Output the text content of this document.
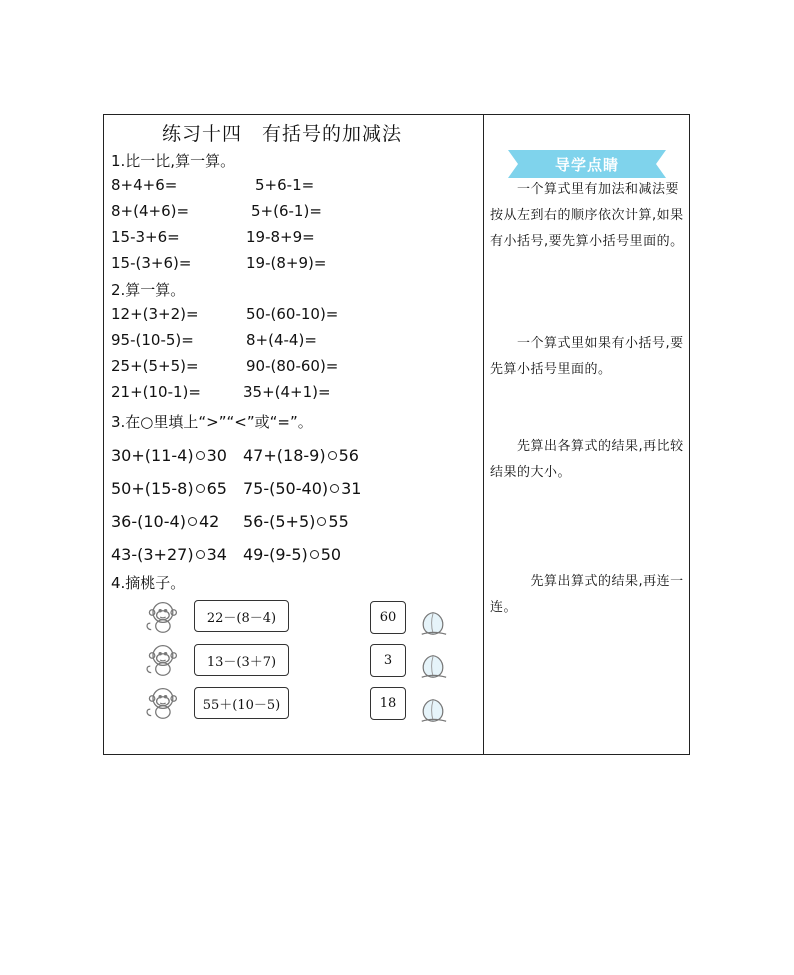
练习十四　有括号的加减法
1.比一比,算一算。
8+4+6=	5+6-1=
8+(4+6)=	5+(6-1)=
15-3+6=	19-8+9=
15-(3+6)=	19-(8+9)=
2.算一算。
12+(3+2)=	50-(60-10)=
95-(10-5)=	8+(4-4)=
25+(5+5)=	90-(80-60)=
21+(10-1)=	35+(4+1)=
3.在○里填上“>”“<”或“=”。
30+(11-4) 30 47+(18-9) 56
50+(15-8) 65 75-(50-40) 31
36-(10-4) 42 56-(5+5) 55
43-(3+27) 34 49-(9-5) 50
4.摘桃子。
22－(8－4)
13－(3＋7)
55＋(10－5)
60
3
18
导学点睛
　　一个算式里有加法和减法要按从左到右的顺序依次计算,如果有小括号,要先算小括号里面的。
　　一个算式里如果有小括号,要先算小括号里面的。
　　先算出各算式的结果,再比较结果的大小。
　　　先算出算式的结果,再连一连。
